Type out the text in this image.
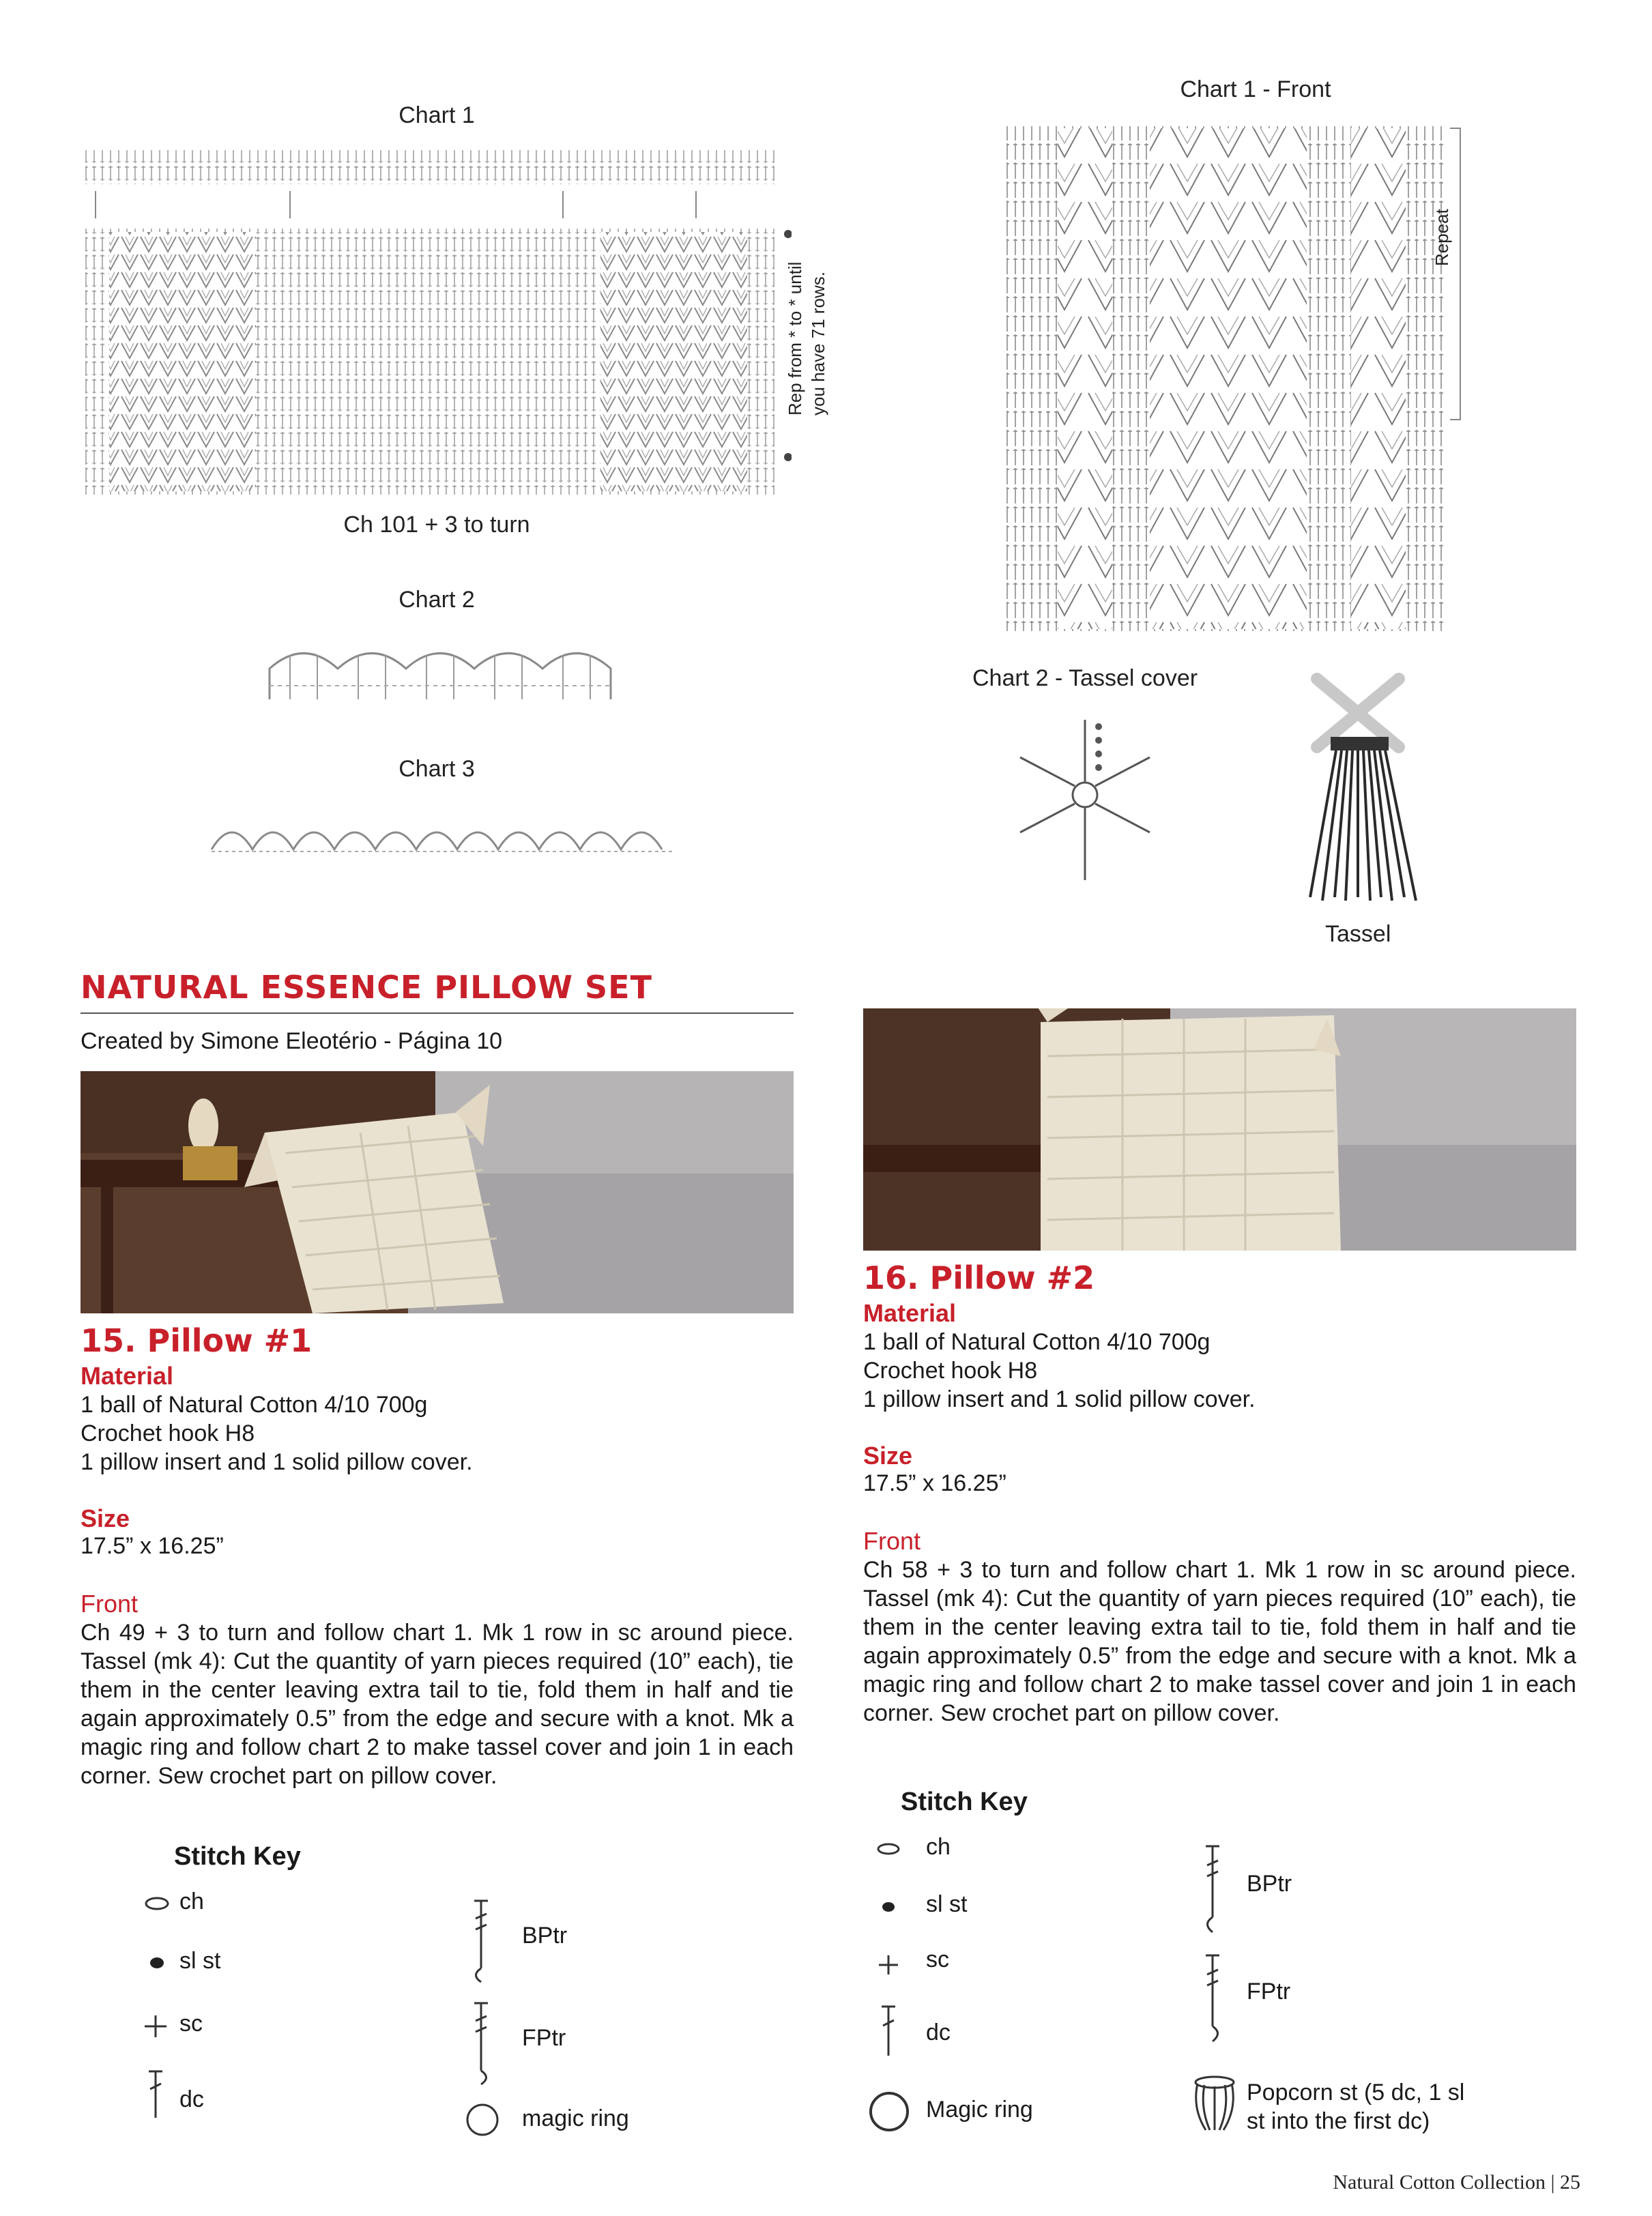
Chart 1
Rep from * to * until you have 71 rows.
Ch 101 + 3 to turn
Chart 2
Chart 3
Chart 1 - Front
Repeat
Chart 2 - Tassel cover
Tassel
NATURAL ESSENCE PILLOW SET
Created by Simone Eleotério - Página 10
15. Pillow #1
Material
1 ball of Natural Cotton 4/10 700g
Crochet hook H8
1 pillow insert and 1 solid pillow cover.
Size
17.5” x 16.25”
Front
Ch 49 + 3 to turn and follow chart 1. Mk 1 row in sc around piece. Tassel (mk 4): Cut the quantity of yarn pieces required (10” each), tie them in the center leaving extra tail to tie, fold them in half and tie again approximately 0.5” from the edge and secure with a knot. Mk a magic ring and follow chart 2 to make tassel cover and join 1 in each corner. Sew crochet part on pillow cover.
16. Pillow #2
Material
1 ball of Natural Cotton 4/10 700g
Crochet hook H8
1 pillow insert and 1 solid pillow cover.
Size
17.5” x 16.25”
Front
Ch 58 + 3 to turn and follow chart 1. Mk 1 row in sc around piece. Tassel (mk 4): Cut the quantity of yarn pieces required (10” each), tie them in the center leaving extra tail to tie, fold them in half and tie again approximately 0.5” from the edge and secure with a knot. Mk a magic ring and follow chart 2 to make tassel cover and join 1 in each corner. Sew crochet part on pillow cover.
Stitch Key
ch
sl st
sc
dc
BPtr
FPtr
magic ring
Stitch Key
ch
sl st
sc
dc
Magic ring
BPtr
FPtr
Popcorn st (5 dc, 1 sl
st into the first dc)
Natural Cotton Collection | 25
